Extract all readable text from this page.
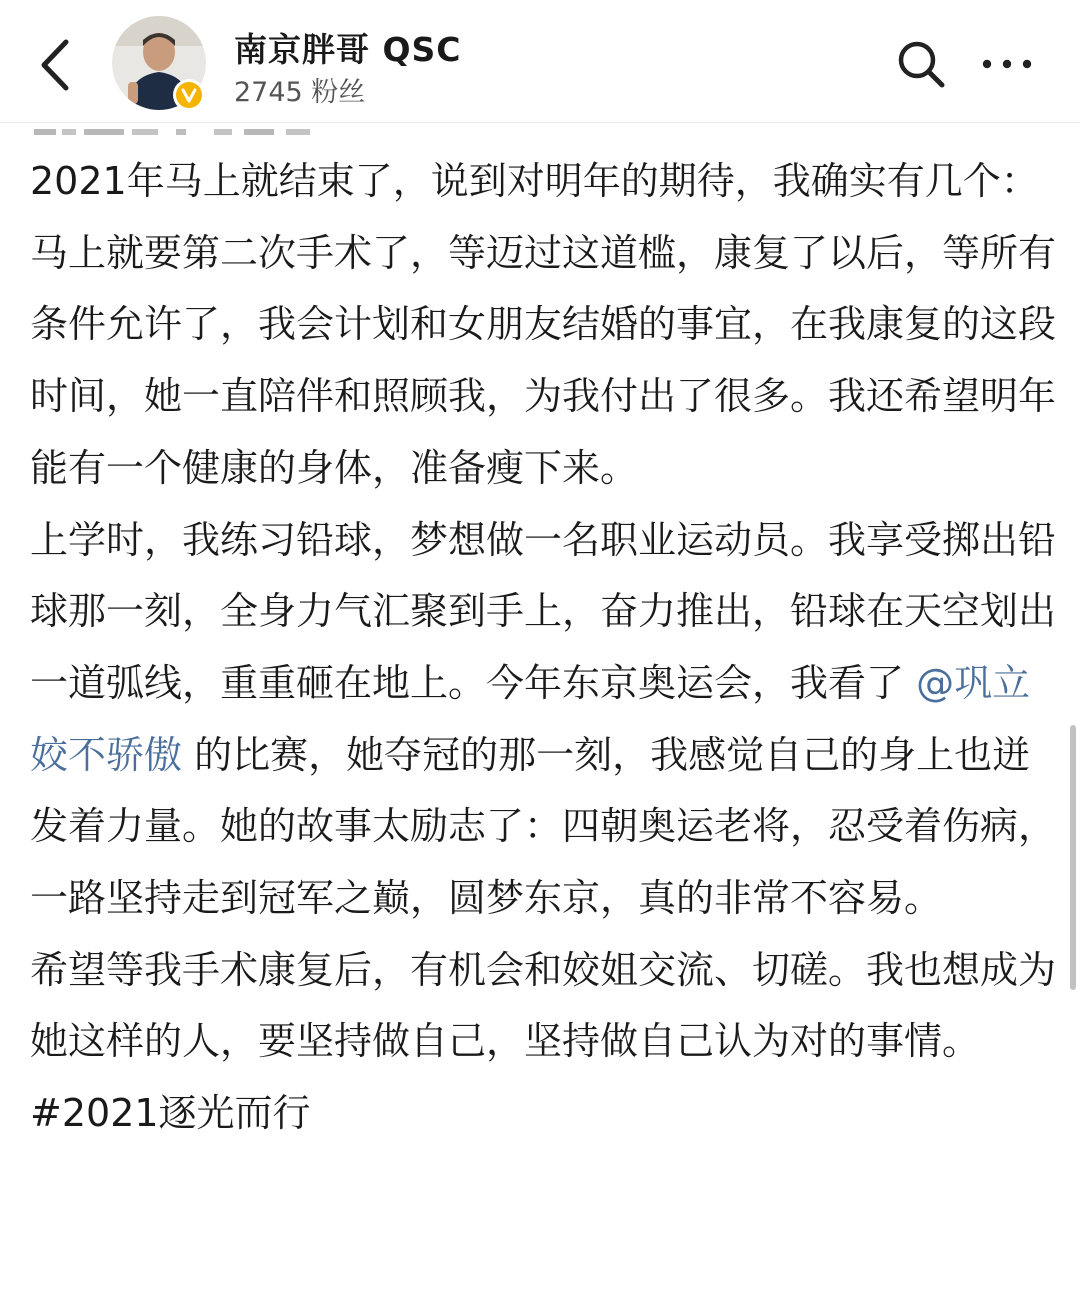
南京胖哥 QSC
2745 粉丝

2021年马上就结束了，说到对明年的期待，我确实有几个：马上就要第二次手术了，等迈过这道槛，康复了以后，等所有条件允许了，我会计划和女朋友结婚的事宜，在我康复的这段时间，她一直陪伴和照顾我，为我付出了很多。我还希望明年能有一个健康的身体，准备瘦下来。

上学时，我练习铅球，梦想做一名职业运动员。我享受掷出铅球那一刻，全身力气汇聚到手上，奋力推出，铅球在天空划出一道弧线，重重砸在地上。今年东京奥运会，我看了 @巩立姣不骄傲 的比赛，她夺冠的那一刻，我感觉自己的身上也迸发着力量。她的故事太励志了：四朝奥运老将，忍受着伤病，一路坚持走到冠军之巅，圆梦东京，真的非常不容易。

希望等我手术康复后，有机会和姣姐交流、切磋。我也想成为她这样的人，要坚持做自己，坚持做自己认为对的事情。#2021逐光而行
